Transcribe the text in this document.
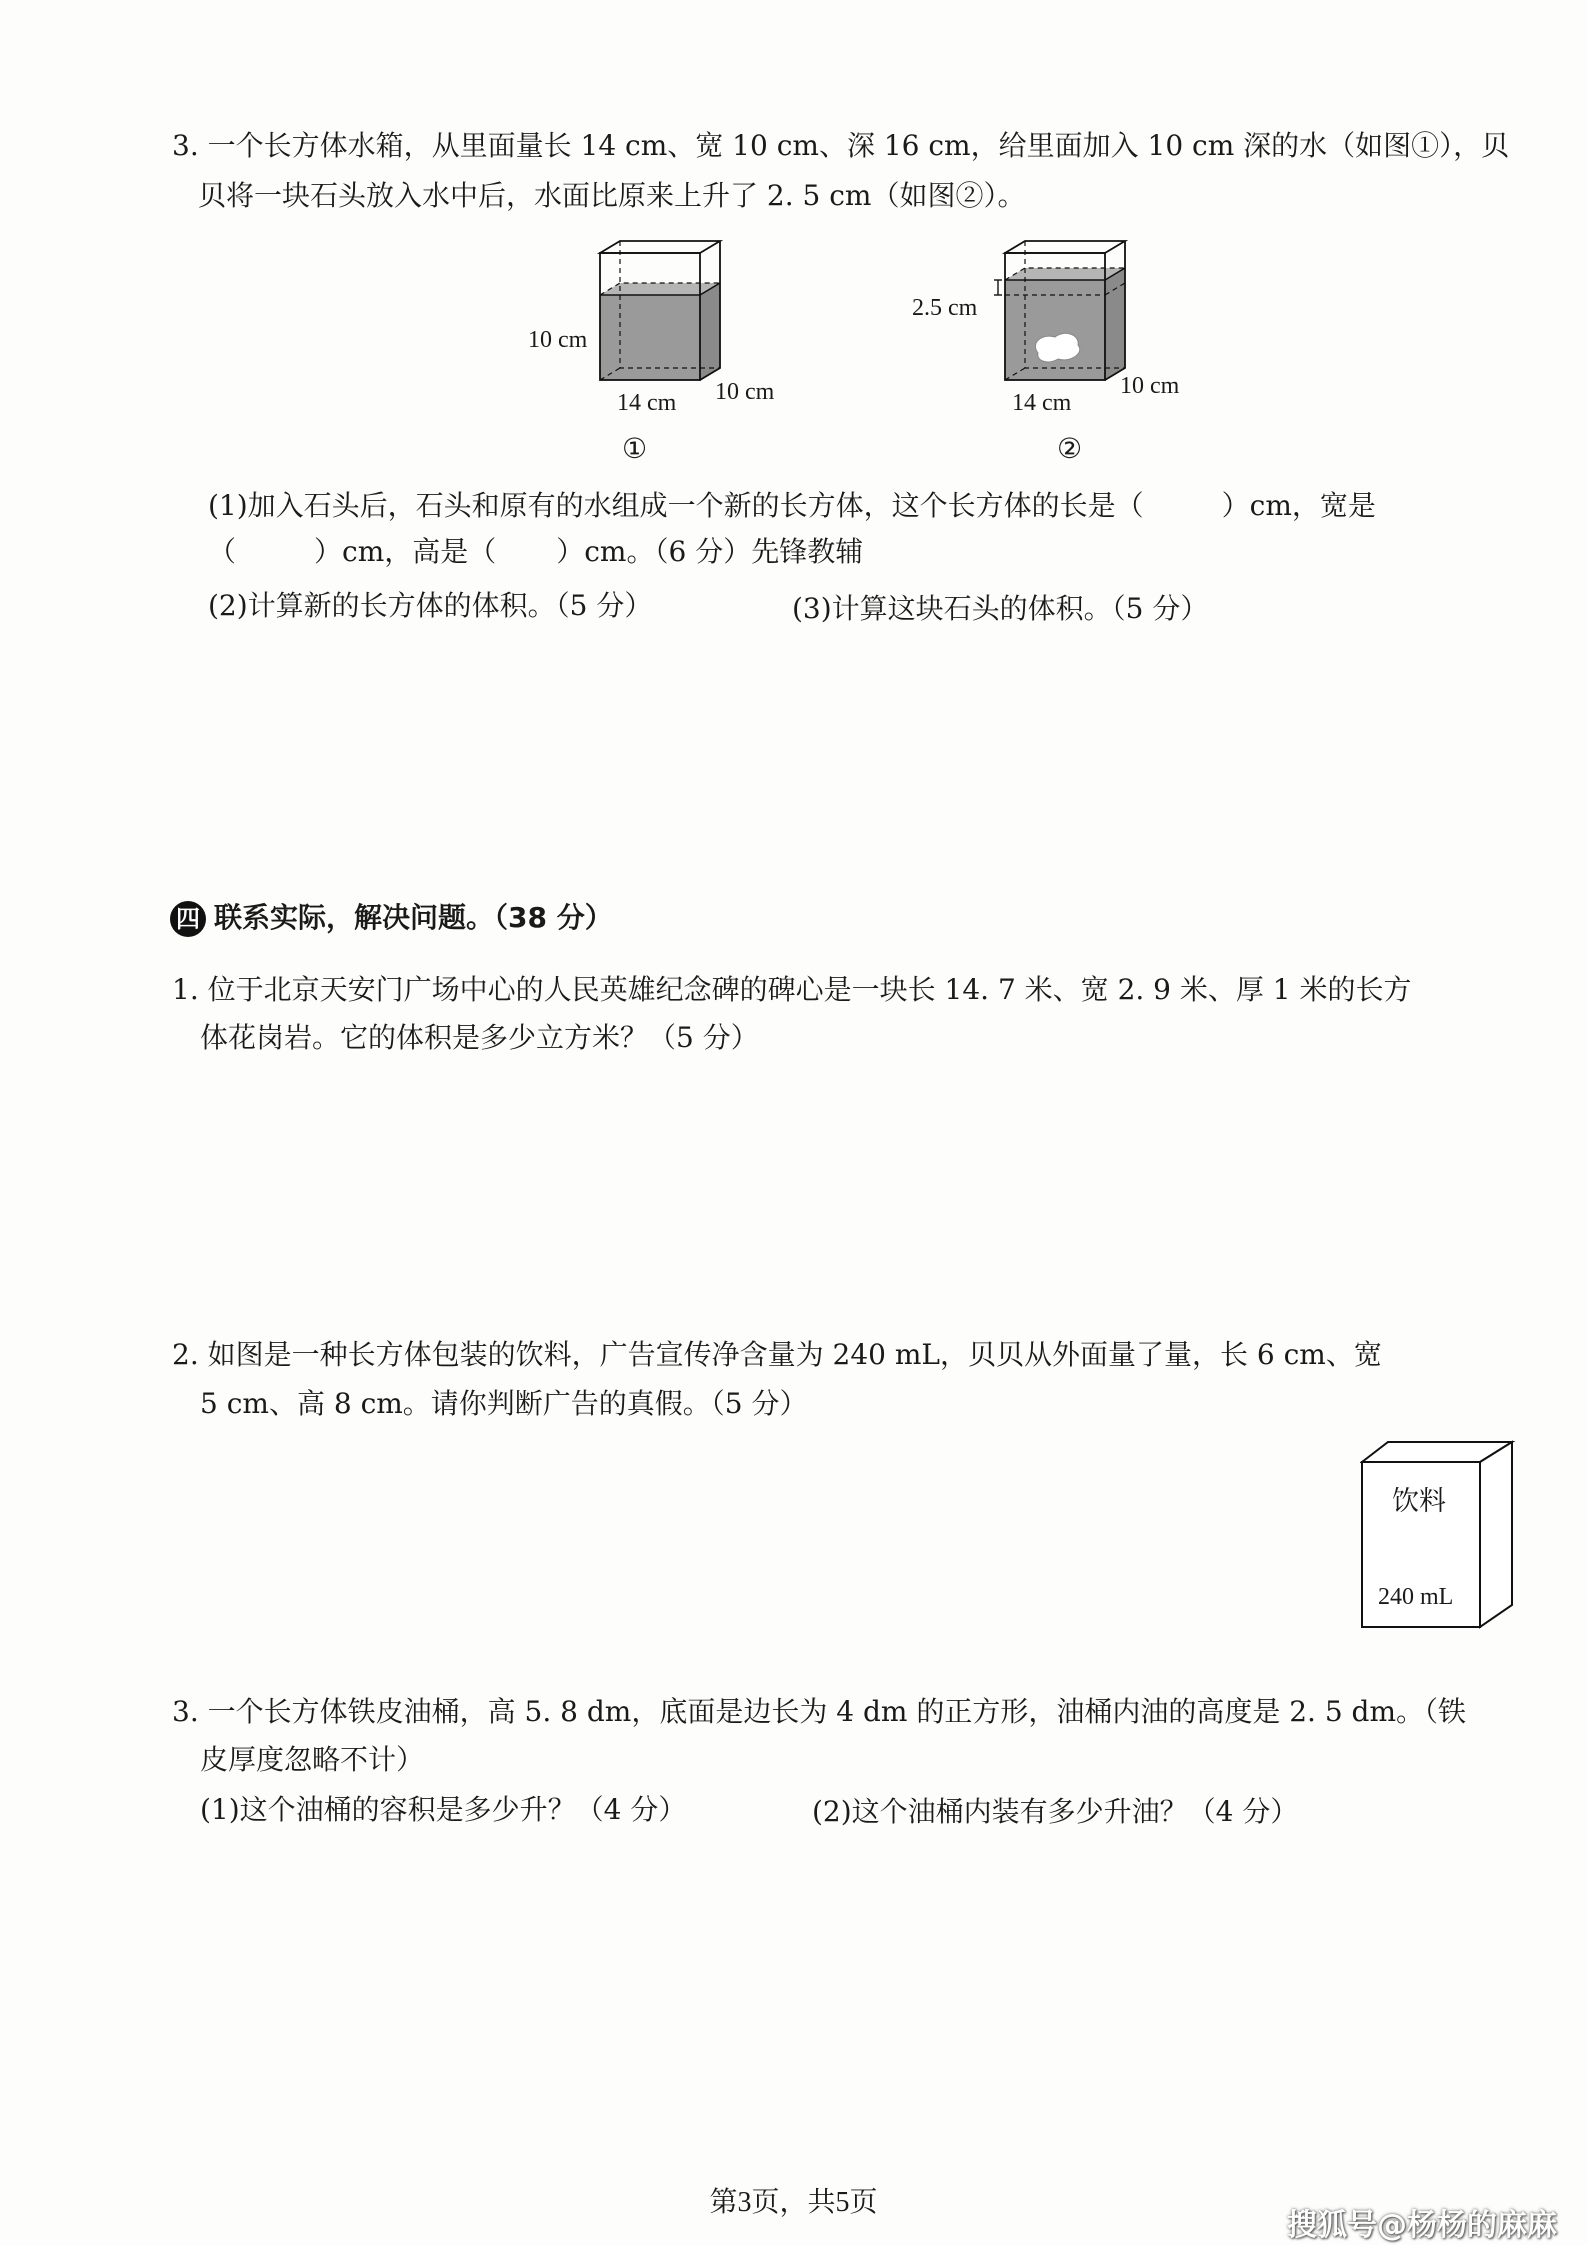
3. 一个长方体水箱，从里面量长 14 cm、宽 10 cm、深 16 cm，给里面加入 10 cm 深的水（如图①），贝
贝将一块石头放入水中后，水面比原来上升了 2. 5 cm（如图②）。
10 cm
14 cm 10 cm
①
2.5 cm
14 cm
10 cm
②
(1)加入石头后，石头和原有的水组成一个新的长方体，这个长方体的长是（	）cm，宽是
（	）cm，高是（ ）cm。（6 分）先锋教辅
(2)计算新的长方体的体积。（5 分）	(3)计算这块石头的体积。（5 分）
四 联系实际，解决问题。（38 分）
1. 位于北京天安门广场中心的人民英雄纪念碑的碑心是一块长 14. 7 米、宽 2. 9 米、厚 1 米的长方
体花岗岩。它的体积是多少立方米？（5 分）
2. 如图是一种长方体包装的饮料，广告宣传净含量为 240 mL，贝贝从外面量了量，长 6 cm、宽
5 cm、高 8 cm。请你判断广告的真假。（5 分）
饮料
240 mL
3. 一个长方体铁皮油桶，高 5. 8 dm，底面是边长为 4 dm 的正方形，油桶内油的高度是 2. 5 dm。（铁
皮厚度忽略不计）
(1)这个油桶的容积是多少升？（4 分）	(2)这个油桶内装有多少升油？（4 分）
第3页，共5页
搜狐号@杨杨的麻麻
